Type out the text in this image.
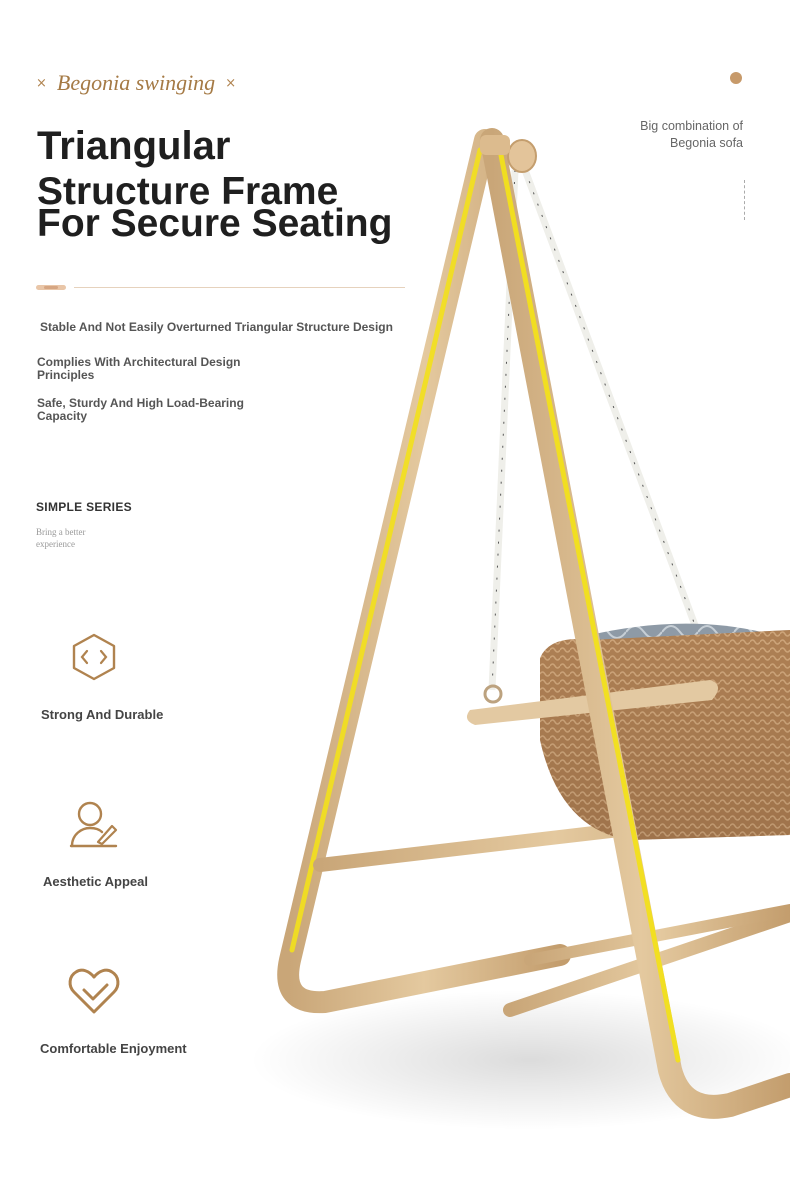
× Begonia swinging ×
Big combination of
Begonia sofa
Triangular
Structure Frame
For Secure Seating

Stable And Not Easily Overturned Triangular Structure Design

Complies With Architectural Design
Principles

Safe, Sturdy And High Load-Bearing
Capacity

SIMPLE SERIES
Bring a better
experience
Strong And Durable
Aesthetic Appeal
Comfortable Enjoyment
